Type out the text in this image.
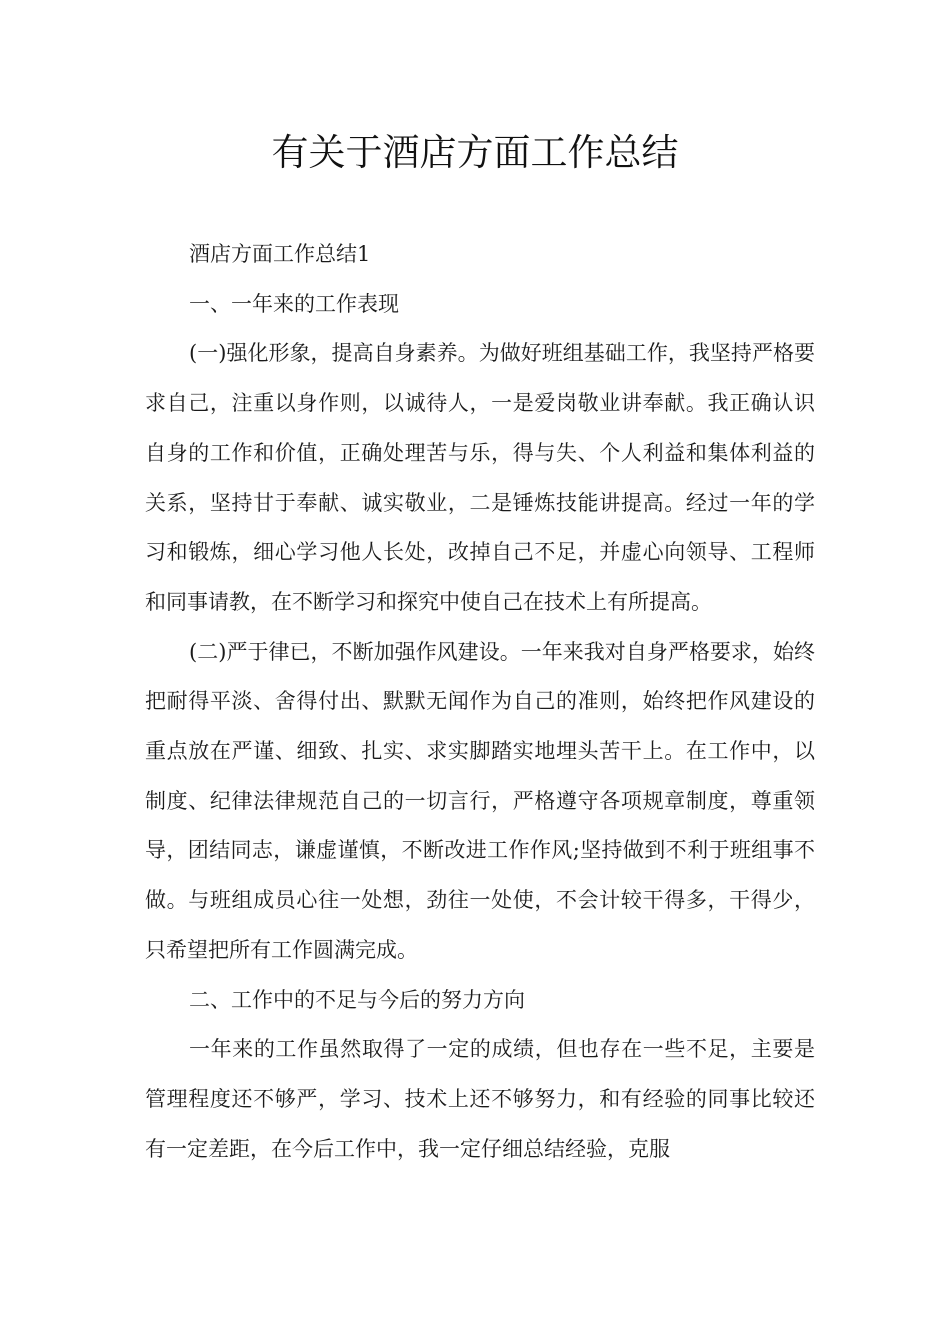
有关于酒店方面工作总结

酒店方面工作总结1

一、一年来的工作表现

(一)强化形象，提高自身素养。为做好班组基础工作，我坚持严格要求自己，注重以身作则，以诚待人，一是爱岗敬业讲奉献。我正确认识自身的工作和价值，正确处理苦与乐，得与失、个人利益和集体利益的关系，坚持甘于奉献、诚实敬业，二是锤炼技能讲提高。经过一年的学习和锻炼，细心学习他人长处，改掉自己不足，并虚心向领导、工程师和同事请教，在不断学习和探究中使自己在技术上有所提高。

(二)严于律已，不断加强作风建设。一年来我对自身严格要求，始终把耐得平淡、舍得付出、默默无闻作为自己的准则，始终把作风建设的重点放在严谨、细致、扎实、求实脚踏实地埋头苦干上。在工作中，以制度、纪律法律规范自己的一切言行，严格遵守各项规章制度，尊重领导，团结同志，谦虚谨慎，不断改进工作作风;坚持做到不利于班组事不做。与班组成员心往一处想，劲往一处使，不会计较干得多，干得少，只希望把所有工作圆满完成。

二、工作中的不足与今后的努力方向

一年来的工作虽然取得了一定的成绩，但也存在一些不足，主要是管理程度还不够严，学习、技术上还不够努力，和有经验的同事比较还有一定差距，在今后工作中，我一定仔细总结经验，克服
